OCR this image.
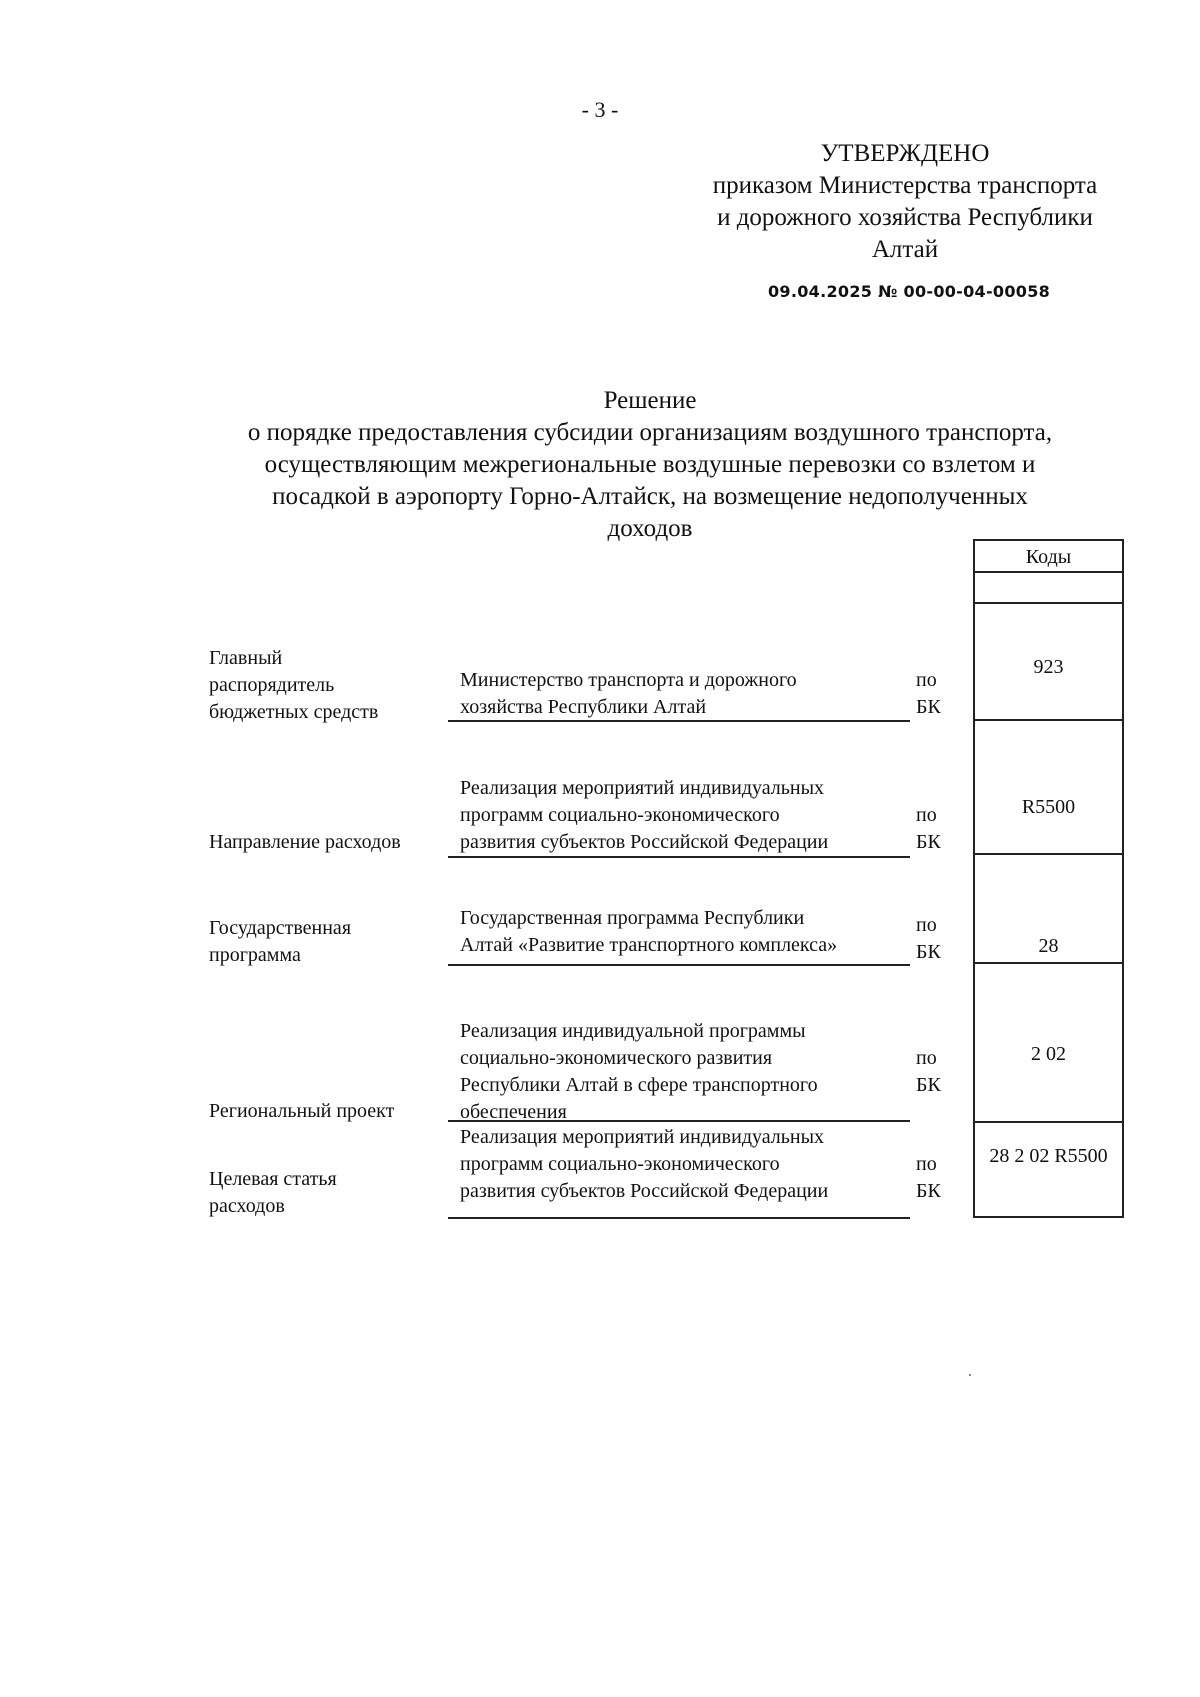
- 3 -
УТВЕРЖДЕНО
приказом Министерства транспорта
и дорожного хозяйства Республики
Алтай
09.04.2025 № 00-00-04-00058
Решение
о порядке предоставления субсидии организациям воздушного транспорта,
осуществляющим межрегиональные воздушные перевозки со взлетом и
посадкой в аэропорту Горно-Алтайск, на возмещение недополученных
доходов
Коды
Главный
распорядитель
бюджетных средств
Министерство транспорта и дорожного
хозяйства Республики Алтай
по
БК
923
Направление расходов
Реализация мероприятий индивидуальных
программ социально-экономического
развития субъектов Российской Федерации
по
БК
R5500
Государственная
программа
Государственная программа Республики
Алтай «Развитие транспортного комплекса»
по
БК	28
Региональный проект
Реализация индивидуальной программы
социально-экономического развития
Республики Алтай в сфере транспортного
обеспечения
по
БК
2 02
Целевая статья
расходов
Реализация мероприятий индивидуальных
программ социально-экономического
развития субъектов Российской Федерации
по
БК
28 2 02 R5500
